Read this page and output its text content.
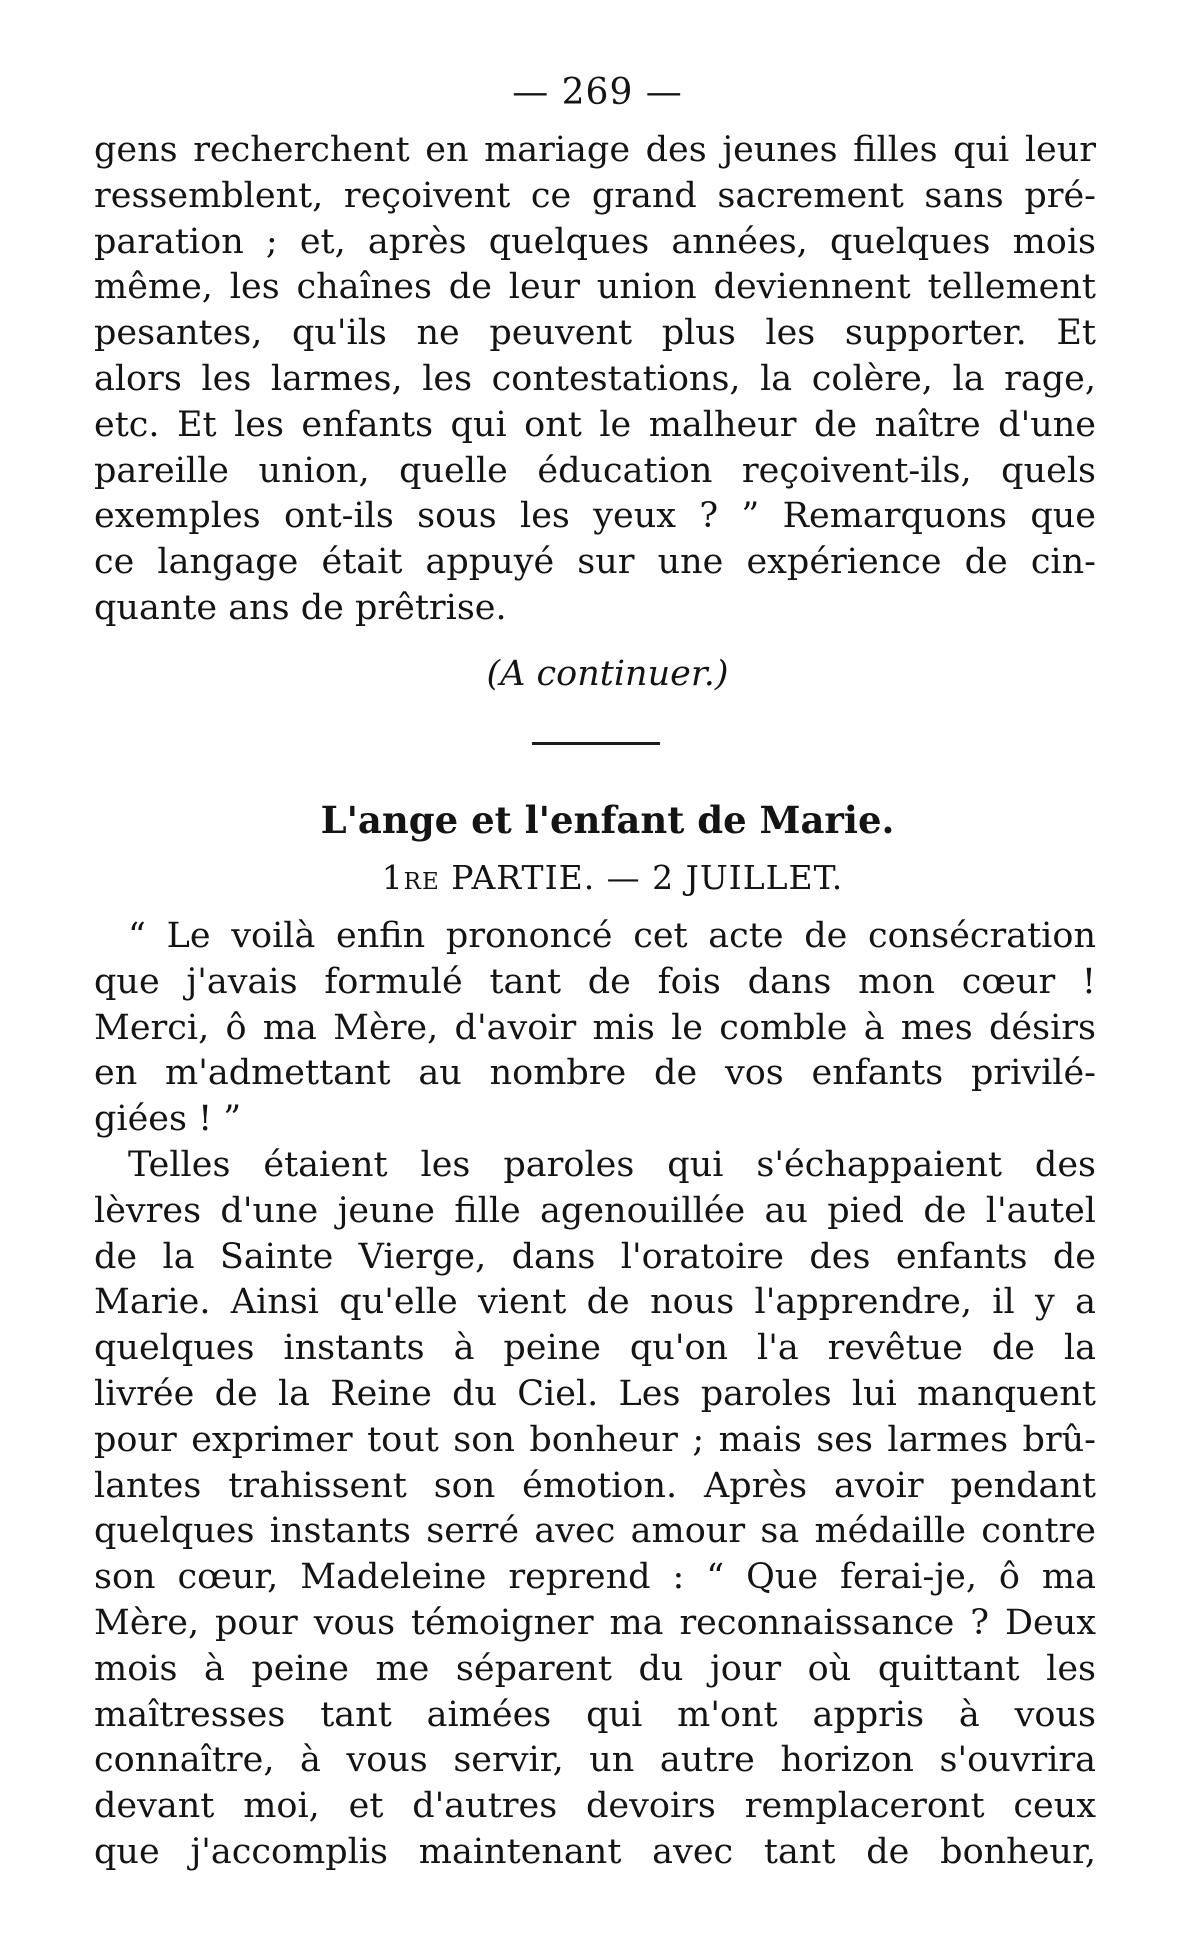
— 269 —
gens recherchent en mariage des jeunes filles qui leur
ressemblent, reçoivent ce grand sacrement sans pré-
paration ; et, après quelques années, quelques mois
même, les chaînes de leur union deviennent tellement
pesantes, qu'ils ne peuvent plus les supporter. Et
alors les larmes, les contestations, la colère, la rage,
etc. Et les enfants qui ont le malheur de naître d'une
pareille union, quelle éducation reçoivent-ils, quels
exemples ont-ils sous les yeux ? ” Remarquons que
ce langage était appuyé sur une expérience de cin-
quante ans de prêtrise.
(A continuer.)
L'ange et l'enfant de Marie.
1re PARTIE. — 2 JUILLET.
“ Le voilà enfin prononcé cet acte de consécration
que j'avais formulé tant de fois dans mon cœur !
Merci, ô ma Mère, d'avoir mis le comble à mes désirs
en m'admettant au nombre de vos enfants privilé-
giées ! ”
Telles étaient les paroles qui s'échappaient des
lèvres d'une jeune fille agenouillée au pied de l'autel
de la Sainte Vierge, dans l'oratoire des enfants de
Marie. Ainsi qu'elle vient de nous l'apprendre, il y a
quelques instants à peine qu'on l'a revêtue de la
livrée de la Reine du Ciel. Les paroles lui manquent
pour exprimer tout son bonheur ; mais ses larmes brû-
lantes trahissent son émotion. Après avoir pendant
quelques instants serré avec amour sa médaille contre
son cœur, Madeleine reprend : “ Que ferai-je, ô ma
Mère, pour vous témoigner ma reconnaissance ? Deux
mois à peine me séparent du jour où quittant les
maîtresses tant aimées qui m'ont appris à vous
connaître, à vous servir, un autre horizon s'ouvrira
devant moi, et d'autres devoirs remplaceront ceux
que j'accomplis maintenant avec tant de bonheur,
